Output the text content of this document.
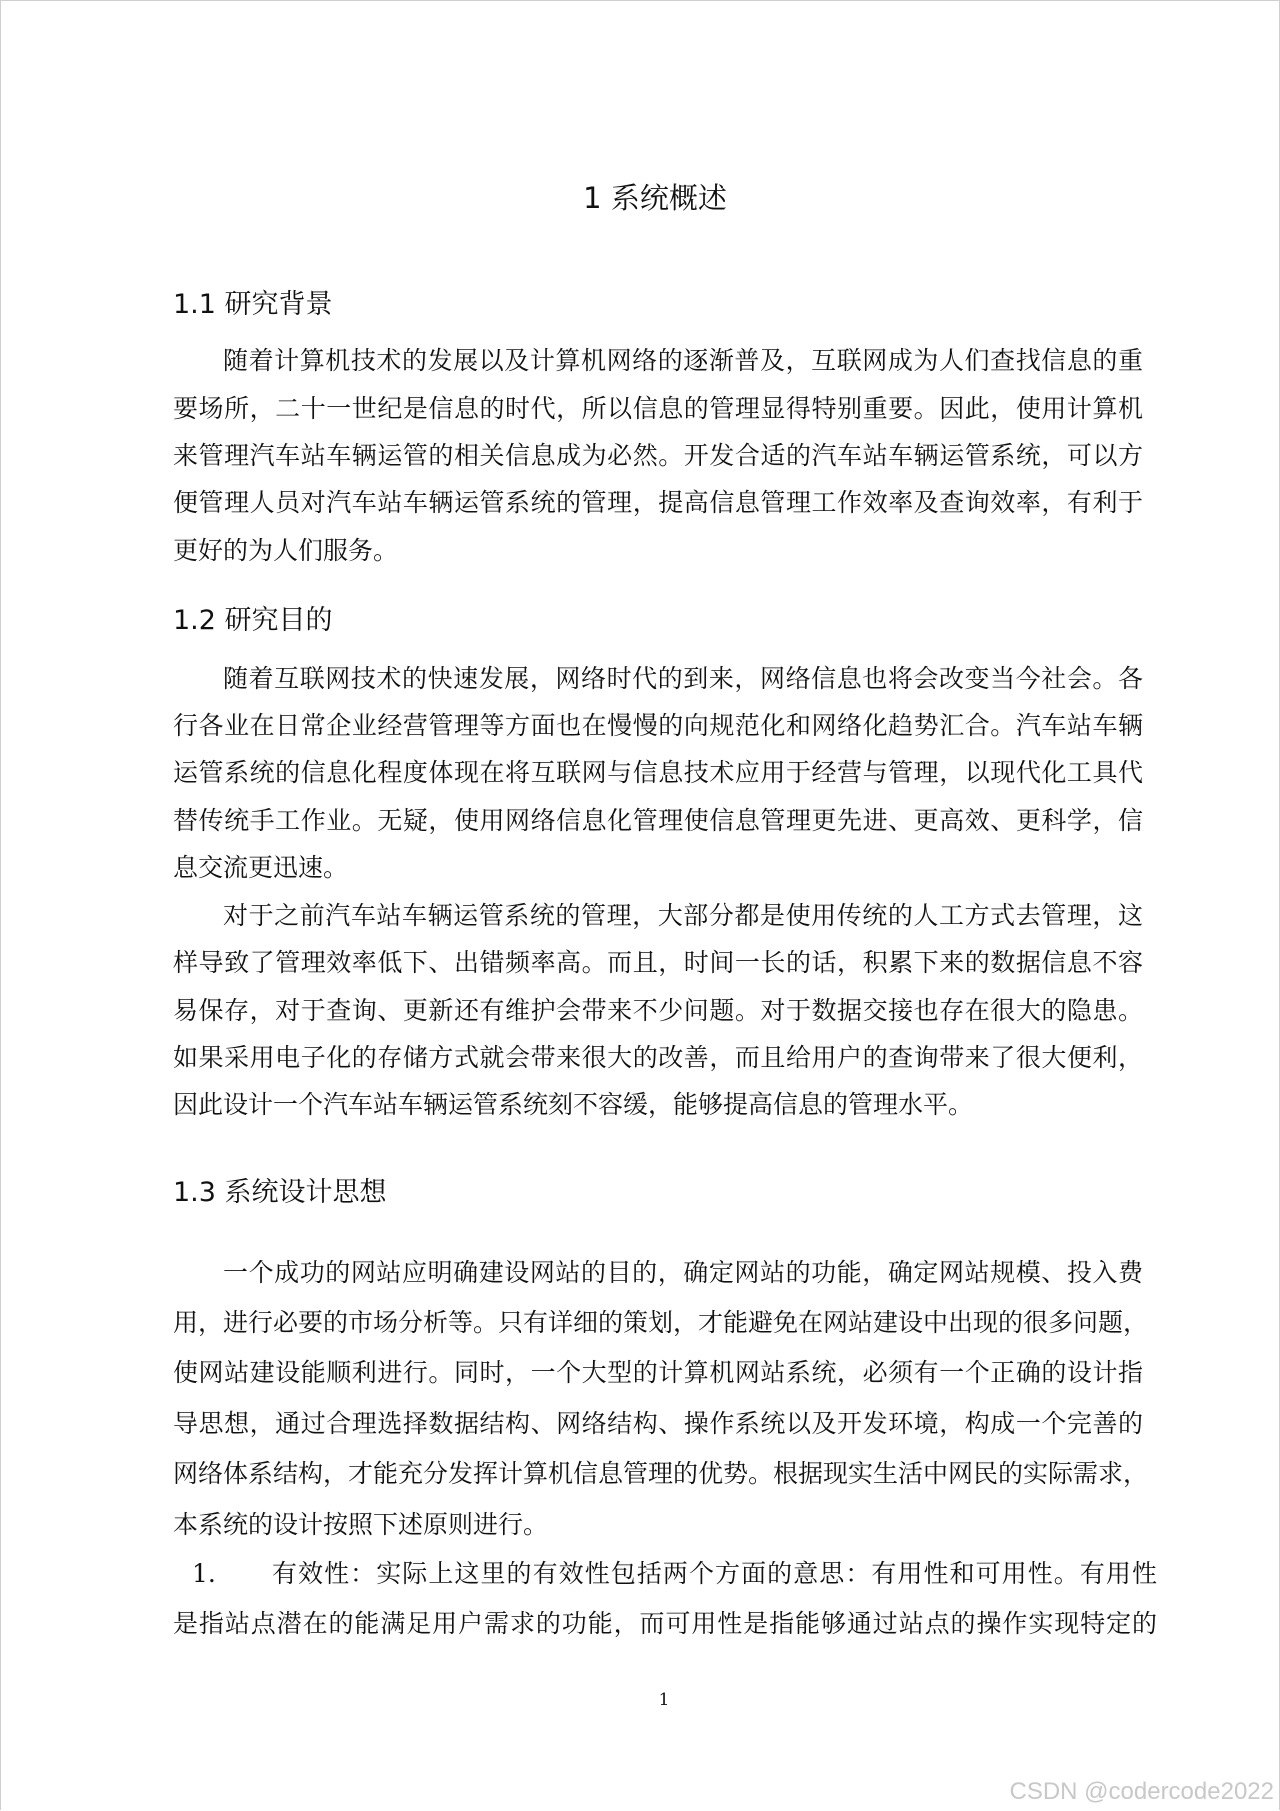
1 系统概述
1.1 研究背景
随着计算机技术的发展以及计算机网络的逐渐普及，互联网成为人们查找信息的重
要场所，二十一世纪是信息的时代，所以信息的管理显得特别重要。因此，使用计算机
来管理汽车站车辆运管的相关信息成为必然。开发合适的汽车站车辆运管系统，可以方
便管理人员对汽车站车辆运管系统的管理，提高信息管理工作效率及查询效率，有利于
更好的为人们服务。
1.2 研究目的
随着互联网技术的快速发展，网络时代的到来，网络信息也将会改变当今社会。各
行各业在日常企业经营管理等方面也在慢慢的向规范化和网络化趋势汇合。汽车站车辆
运管系统的信息化程度体现在将互联网与信息技术应用于经营与管理，以现代化工具代
替传统手工作业。无疑，使用网络信息化管理使信息管理更先进、更高效、更科学，信
息交流更迅速。
对于之前汽车站车辆运管系统的管理，大部分都是使用传统的人工方式去管理，这
样导致了管理效率低下、出错频率高。而且，时间一长的话，积累下来的数据信息不容
易保存，对于查询、更新还有维护会带来不少问题。对于数据交接也存在很大的隐患。
如果采用电子化的存储方式就会带来很大的改善，而且给用户的查询带来了很大便利，
因此设计一个汽车站车辆运管系统刻不容缓，能够提高信息的管理水平。
1.3 系统设计思想
一个成功的网站应明确建设网站的目的，确定网站的功能，确定网站规模、投入费
用，进行必要的市场分析等。只有详细的策划，才能避免在网站建设中出现的很多问题，
使网站建设能顺利进行。同时，一个大型的计算机网站系统，必须有一个正确的设计指
导思想，通过合理选择数据结构、网络结构、操作系统以及开发环境，构成一个完善的
网络体系结构，才能充分发挥计算机信息管理的优势。根据现实生活中网民的实际需求，
本系统的设计按照下述原则进行。
1. 有效性：实际上这里的有效性包括两个方面的意思：有用性和可用性。有用性
是指站点潜在的能满足用户需求的功能，而可用性是指能够通过站点的操作实现特定的
1
CSDN @codercode2022
